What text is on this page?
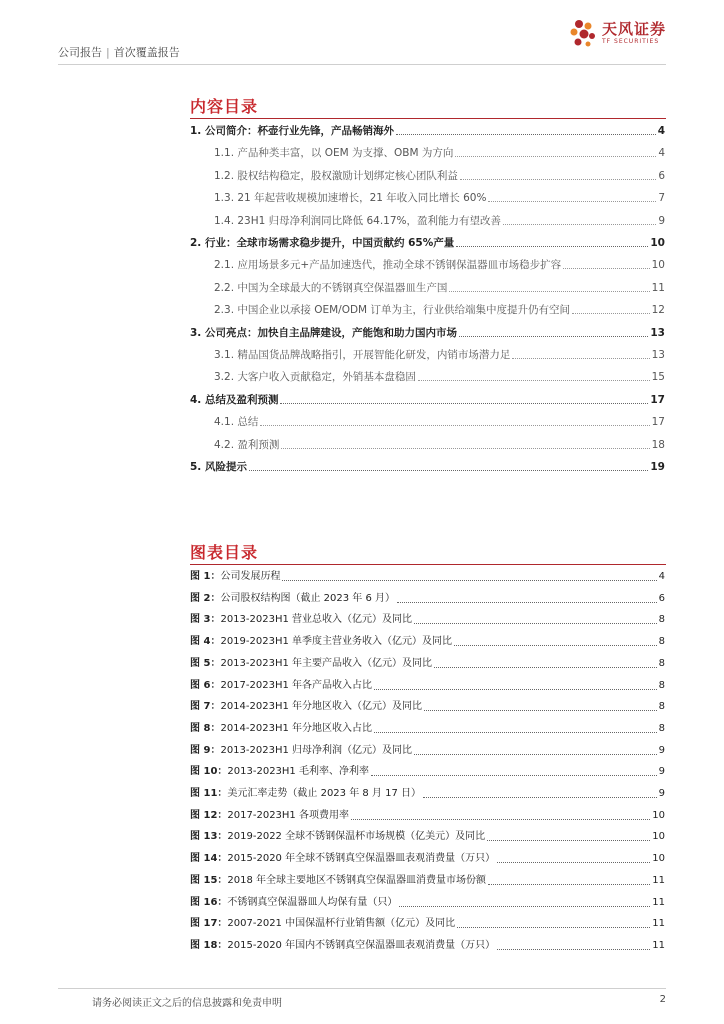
公司报告 | 首次覆盖报告
天风证券
TF SECURITIES
内容目录
1. 公司简介：杯壶行业先锋，产品畅销海外	4
1.1. 产品种类丰富，以 OEM 为支撑、OBM 为方向	4
1.2. 股权结构稳定，股权激励计划绑定核心团队利益	6
1.3. 21 年起营收规模加速增长，21 年收入同比增长 60%	7
1.4. 23H1 归母净利润同比降低 64.17%，盈利能力有望改善	9
2. 行业：全球市场需求稳步提升，中国贡献约 65%产量	10
2.1. 应用场景多元+产品加速迭代，推动全球不锈钢保温器皿市场稳步扩容	10
2.2. 中国为全球最大的不锈钢真空保温器皿生产国	11
2.3. 中国企业以承接 OEM/ODM 订单为主，行业供给端集中度提升仍有空间	12
3. 公司亮点：加快自主品牌建设，产能饱和助力国内市场	13
3.1. 精品国货品牌战略指引，开展智能化研发，内销市场潜力足	13
3.2. 大客户收入贡献稳定，外销基本盘稳固	15
4. 总结及盈利预测	17
4.1. 总结	17
4.2. 盈利预测	18
5. 风险提示	19
图表目录
图 1：公司发展历程	4
图 2：公司股权结构图（截止 2023 年 6 月）	6
图 3：2013-2023H1 营业总收入（亿元）及同比	8
图 4：2019-2023H1 单季度主营业务收入（亿元）及同比	8
图 5：2013-2023H1 年主要产品收入（亿元）及同比	8
图 6：2017-2023H1 年各产品收入占比	8
图 7：2014-2023H1 年分地区收入（亿元）及同比	8
图 8：2014-2023H1 年分地区收入占比	8
图 9：2013-2023H1 归母净利润（亿元）及同比	9
图 10：2013-2023H1 毛利率、净利率	9
图 11：美元汇率走势（截止 2023 年 8 月 17 日）	9
图 12：2017-2023H1 各项费用率	10
图 13：2019-2022 全球不锈钢保温杯市场规模（亿美元）及同比	10
图 14：2015-2020 年全球不锈钢真空保温器皿表观消费量（万只）	10
图 15：2018 年全球主要地区不锈钢真空保温器皿消费量市场份额	11
图 16：不锈钢真空保温器皿人均保有量（只）	11
图 17：2007-2021 中国保温杯行业销售额（亿元）及同比	11
图 18：2015-2020 年国内不锈钢真空保温器皿表观消费量（万只）	11
请务必阅读正文之后的信息披露和免责申明	2
